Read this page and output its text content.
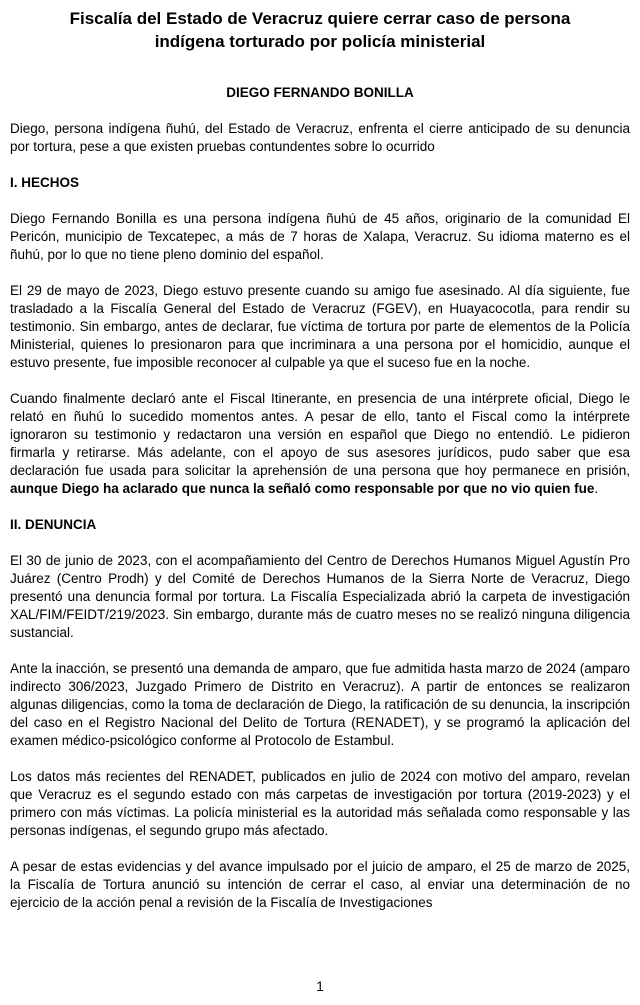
Fiscalía del Estado de Veracruz quiere cerrar caso de persona indígena torturado por policía ministerial
DIEGO FERNANDO BONILLA
Diego, persona indígena ñuhú, del Estado de Veracruz, enfrenta el cierre anticipado de su denuncia por tortura, pese a que existen pruebas contundentes sobre lo ocurrido
I. HECHOS
Diego Fernando Bonilla es una persona indígena ñuhú de 45 años, originario de la comunidad El Pericón, municipio de Texcatepec, a más de 7 horas de Xalapa, Veracruz. Su idioma materno es el ñuhú, por lo que no tiene pleno dominio del español.
El 29 de mayo de 2023, Diego estuvo presente cuando su amigo fue asesinado. Al día siguiente, fue trasladado a la Fiscalía General del Estado de Veracruz (FGEV), en Huayacocotla, para rendir su testimonio. Sin embargo, antes de declarar, fue víctima de tortura por parte de elementos de la Policía Ministerial, quienes lo presionaron para que incriminara a una persona por el homicidio, aunque el estuvo presente, fue imposible reconocer al culpable ya que el suceso fue en la noche.
Cuando finalmente declaró ante el Fiscal Itinerante, en presencia de una intérprete oficial, Diego le relató en ñuhú lo sucedido momentos antes. A pesar de ello, tanto el Fiscal como la intérprete ignoraron su testimonio y redactaron una versión en español que Diego no entendió. Le pidieron firmarla y retirarse. Más adelante, con el apoyo de sus asesores jurídicos, pudo saber que esa declaración fue usada para solicitar la aprehensión de una persona que hoy permanece en prisión, aunque Diego ha aclarado que nunca la señaló como responsable por que no vio quien fue.
II. DENUNCIA
El 30 de junio de 2023, con el acompañamiento del Centro de Derechos Humanos Miguel Agustín Pro Juárez (Centro Prodh) y del Comité de Derechos Humanos de la Sierra Norte de Veracruz, Diego presentó una denuncia formal por tortura. La Fiscalía Especializada abrió la carpeta de investigación XAL/FIM/FEIDT/219/2023. Sin embargo, durante más de cuatro meses no se realizó ninguna diligencia sustancial.
Ante la inacción, se presentó una demanda de amparo, que fue admitida hasta marzo de 2024 (amparo indirecto 306/2023, Juzgado Primero de Distrito en Veracruz). A partir de entonces se realizaron algunas diligencias, como la toma de declaración de Diego, la ratificación de su denuncia, la inscripción del caso en el Registro Nacional del Delito de Tortura (RENADET), y se programó la aplicación del examen médico-psicológico conforme al Protocolo de Estambul.
Los datos más recientes del RENADET, publicados en julio de 2024 con motivo del amparo, revelan que Veracruz es el segundo estado con más carpetas de investigación por tortura (2019-2023) y el primero con más víctimas. La policía ministerial es la autoridad más señalada como responsable y las personas indígenas, el segundo grupo más afectado.
A pesar de estas evidencias y del avance impulsado por el juicio de amparo, el 25 de marzo de 2025, la Fiscalía de Tortura anunció su intención de cerrar el caso, al enviar una determinación de no ejercicio de la acción penal a revisión de la Fiscalía de Investigaciones
1
